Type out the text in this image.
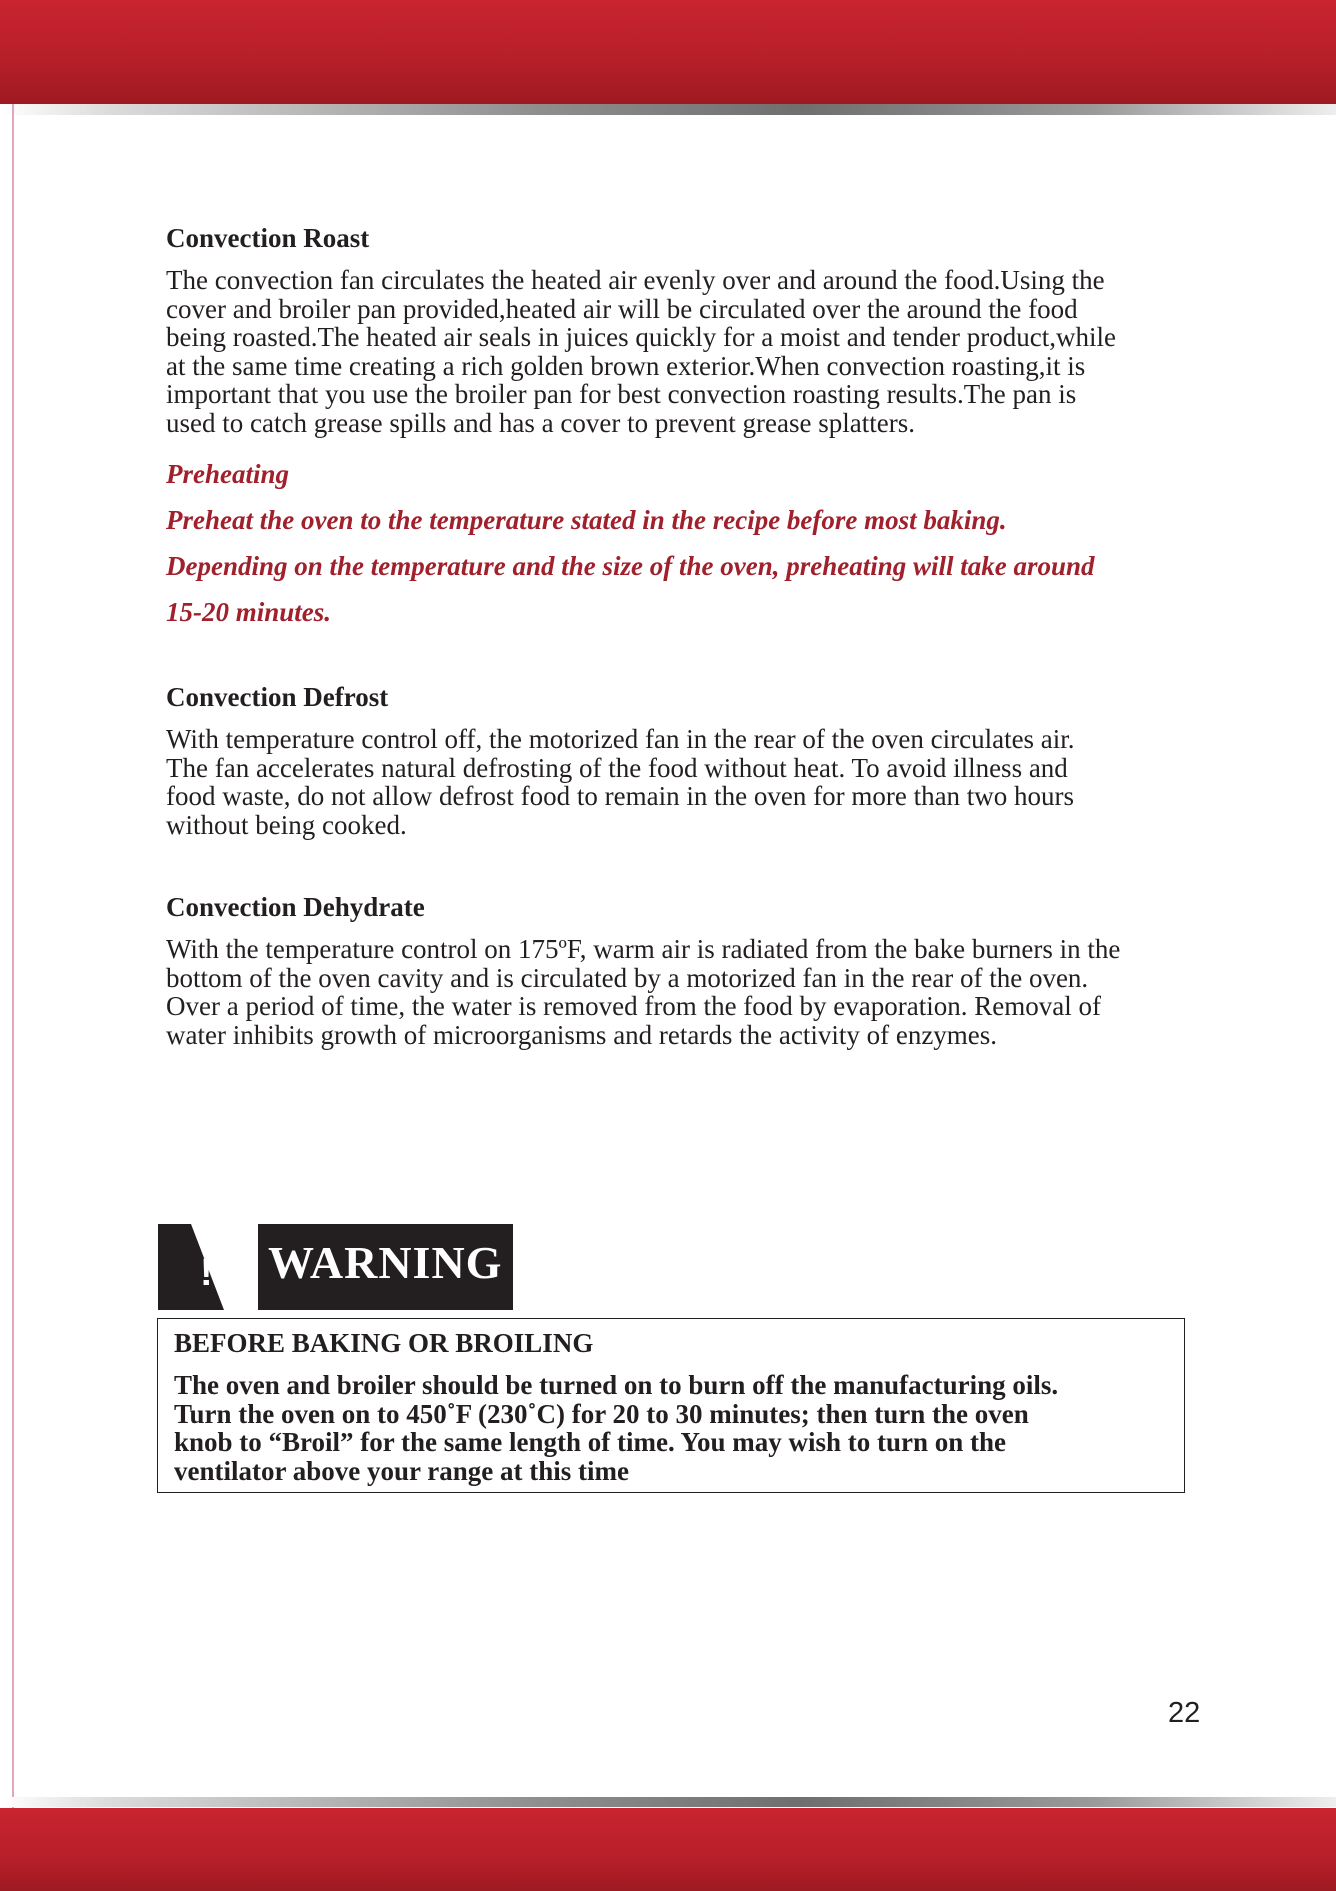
Convection Roast

The convection fan circulates the heated air evenly over and around the food.Using the
cover and broiler pan provided,heated air will be circulated over the around the food
being roasted.The heated air seals in juices quickly for a moist and tender product,while
at the same time creating a rich golden brown exterior.When convection roasting,it is
important that you use the broiler pan for best convection roasting results.The pan is
used to catch grease spills and has a cover to prevent grease splatters.

Preheating

Preheat the oven to the temperature stated in the recipe before most baking.

Depending on the temperature and the size of the oven, preheating will take around

15-20 minutes.

Convection Defrost

With temperature control off, the motorized fan in the rear of the oven circulates air.
The fan accelerates natural defrosting of the food without heat. To avoid illness and
food waste, do not allow defrost food to remain in the oven for more than two hours
without being cooked.

Convection Dehydrate

With the temperature control on 175ºF, warm air is radiated from the bake burners in the
bottom of the oven cavity and is circulated by a motorized fan in the rear of the oven.
Over a period of time, the water is removed from the food by evaporation. Removal of
water inhibits growth of microorganisms and retards the activity of enzymes.

! WARNING
BEFORE BAKING OR BROILING

The oven and broiler should be turned on to burn off the manufacturing oils.
Turn the oven on to 450˚F (230˚C) for 20 to 30 minutes; then turn the oven
knob to “Broil” for the same length of time. You may wish to turn on the
ventilator above your range at this time

22
